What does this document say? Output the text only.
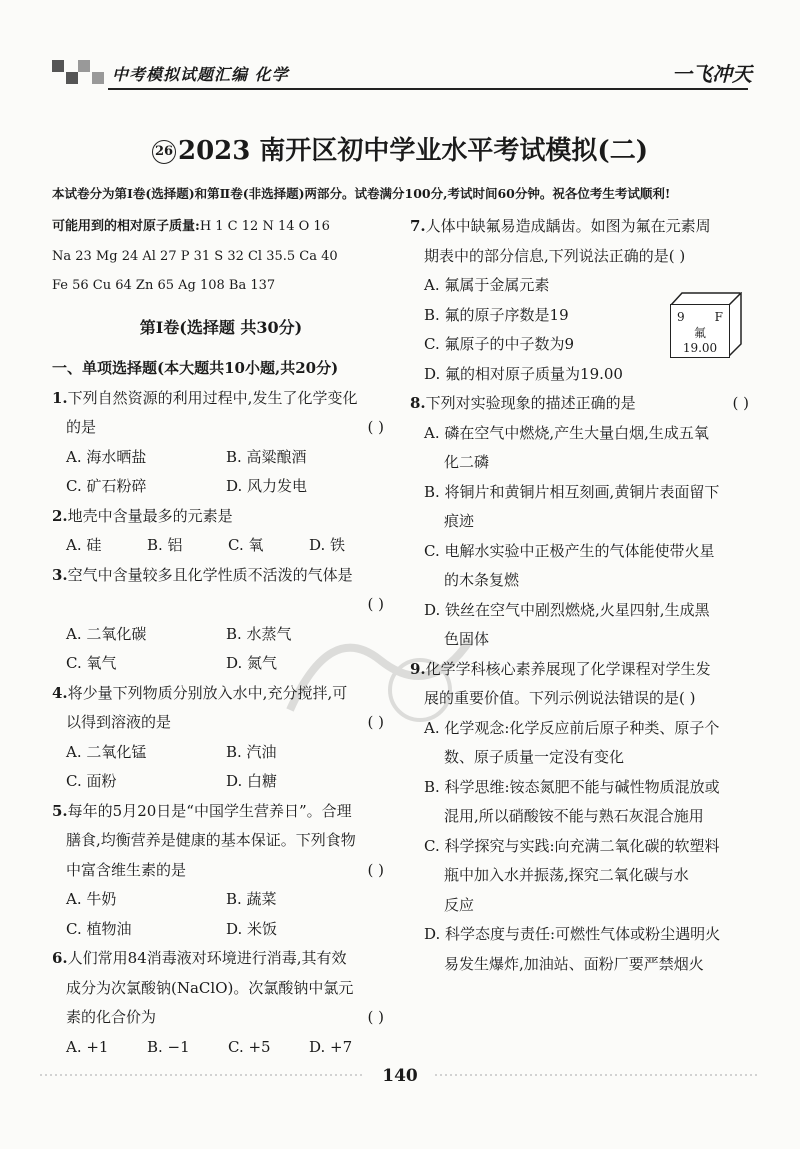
中考模拟试题汇编 化学	一飞冲天
26 2023 南开区初中学业水平考试模拟(二)
本试卷分为第Ⅰ卷(选择题)和第Ⅱ卷(非选择题)两部分。试卷满分100分,考试时间60分钟。祝各位考生考试顺利!
可能用到的相对原子质量:H 1 C 12 N 14 O 16
Na 23 Mg 24 Al 27 P 31 S 32 Cl 35.5 Ca 40
Fe 56 Cu 64 Zn 65 Ag 108 Ba 137
第Ⅰ卷(选择题 共30分)
一、单项选择题(本大题共10小题,共20分)
1.下列自然资源的利用过程中,发生了化学变化
的是	( )
A. 海水晒盐	B. 高粱酿酒
C. 矿石粉碎	D. 风力发电
2.地壳中含量最多的元素是
A. 硅	B. 铝	C. 氧	D. 铁
3.空气中含量较多且化学性质不活泼的气体是
( )

A. 二氧化碳	B. 水蒸气
C. 氧气	D. 氮气
4.将少量下列物质分别放入水中,充分搅拌,可
以得到溶液的是	( )
A. 二氧化锰	B. 汽油
C. 面粉	D. 白糖
5.每年的5月20日是“中国学生营养日”。合理
膳食,均衡营养是健康的基本保证。下列食物
中富含维生素的是	( )
A. 牛奶	B. 蔬菜
C. 植物油	D. 米饭
6.人们常用84消毒液对环境进行消毒,其有效
成分为次氯酸钠(NaClO)。次氯酸钠中氯元
素的化合价为	( )
A. +1	B. −1	C. +5	D. +7
7.人体中缺氟易造成龋齿。如图为氟在元素周
期表中的部分信息,下列说法正确的是( )
A. 氟属于金属元素
B. 氟的原子序数是19
C. 氟原子的中子数为9
D. 氟的相对原子质量为19.00
8.下列对实验现象的描述正确的是	( )
A. 磷在空气中燃烧,产生大量白烟,生成五氧
化二磷
B. 将铜片和黄铜片相互刻画,黄铜片表面留下
痕迹
C. 电解水实验中正极产生的气体能使带火星
的木条复燃
D. 铁丝在空气中剧烈燃烧,火星四射,生成黑
色固体
9.化学学科核心素养展现了化学课程对学生发
展的重要价值。下列示例说法错误的是( )
A. 化学观念:化学反应前后原子种类、原子个
数、原子质量一定没有变化
B. 科学思维:铵态氮肥不能与碱性物质混放或
混用,所以硝酸铵不能与熟石灰混合施用
C. 科学探究与实践:向充满二氧化碳的软塑料
瓶中加入水并振荡,探究二氧化碳与水
反应
D. 科学态度与责任:可燃性气体或粉尘遇明火
易发生爆炸,加油站、面粉厂要严禁烟火
9	F
氟
19.00
140
